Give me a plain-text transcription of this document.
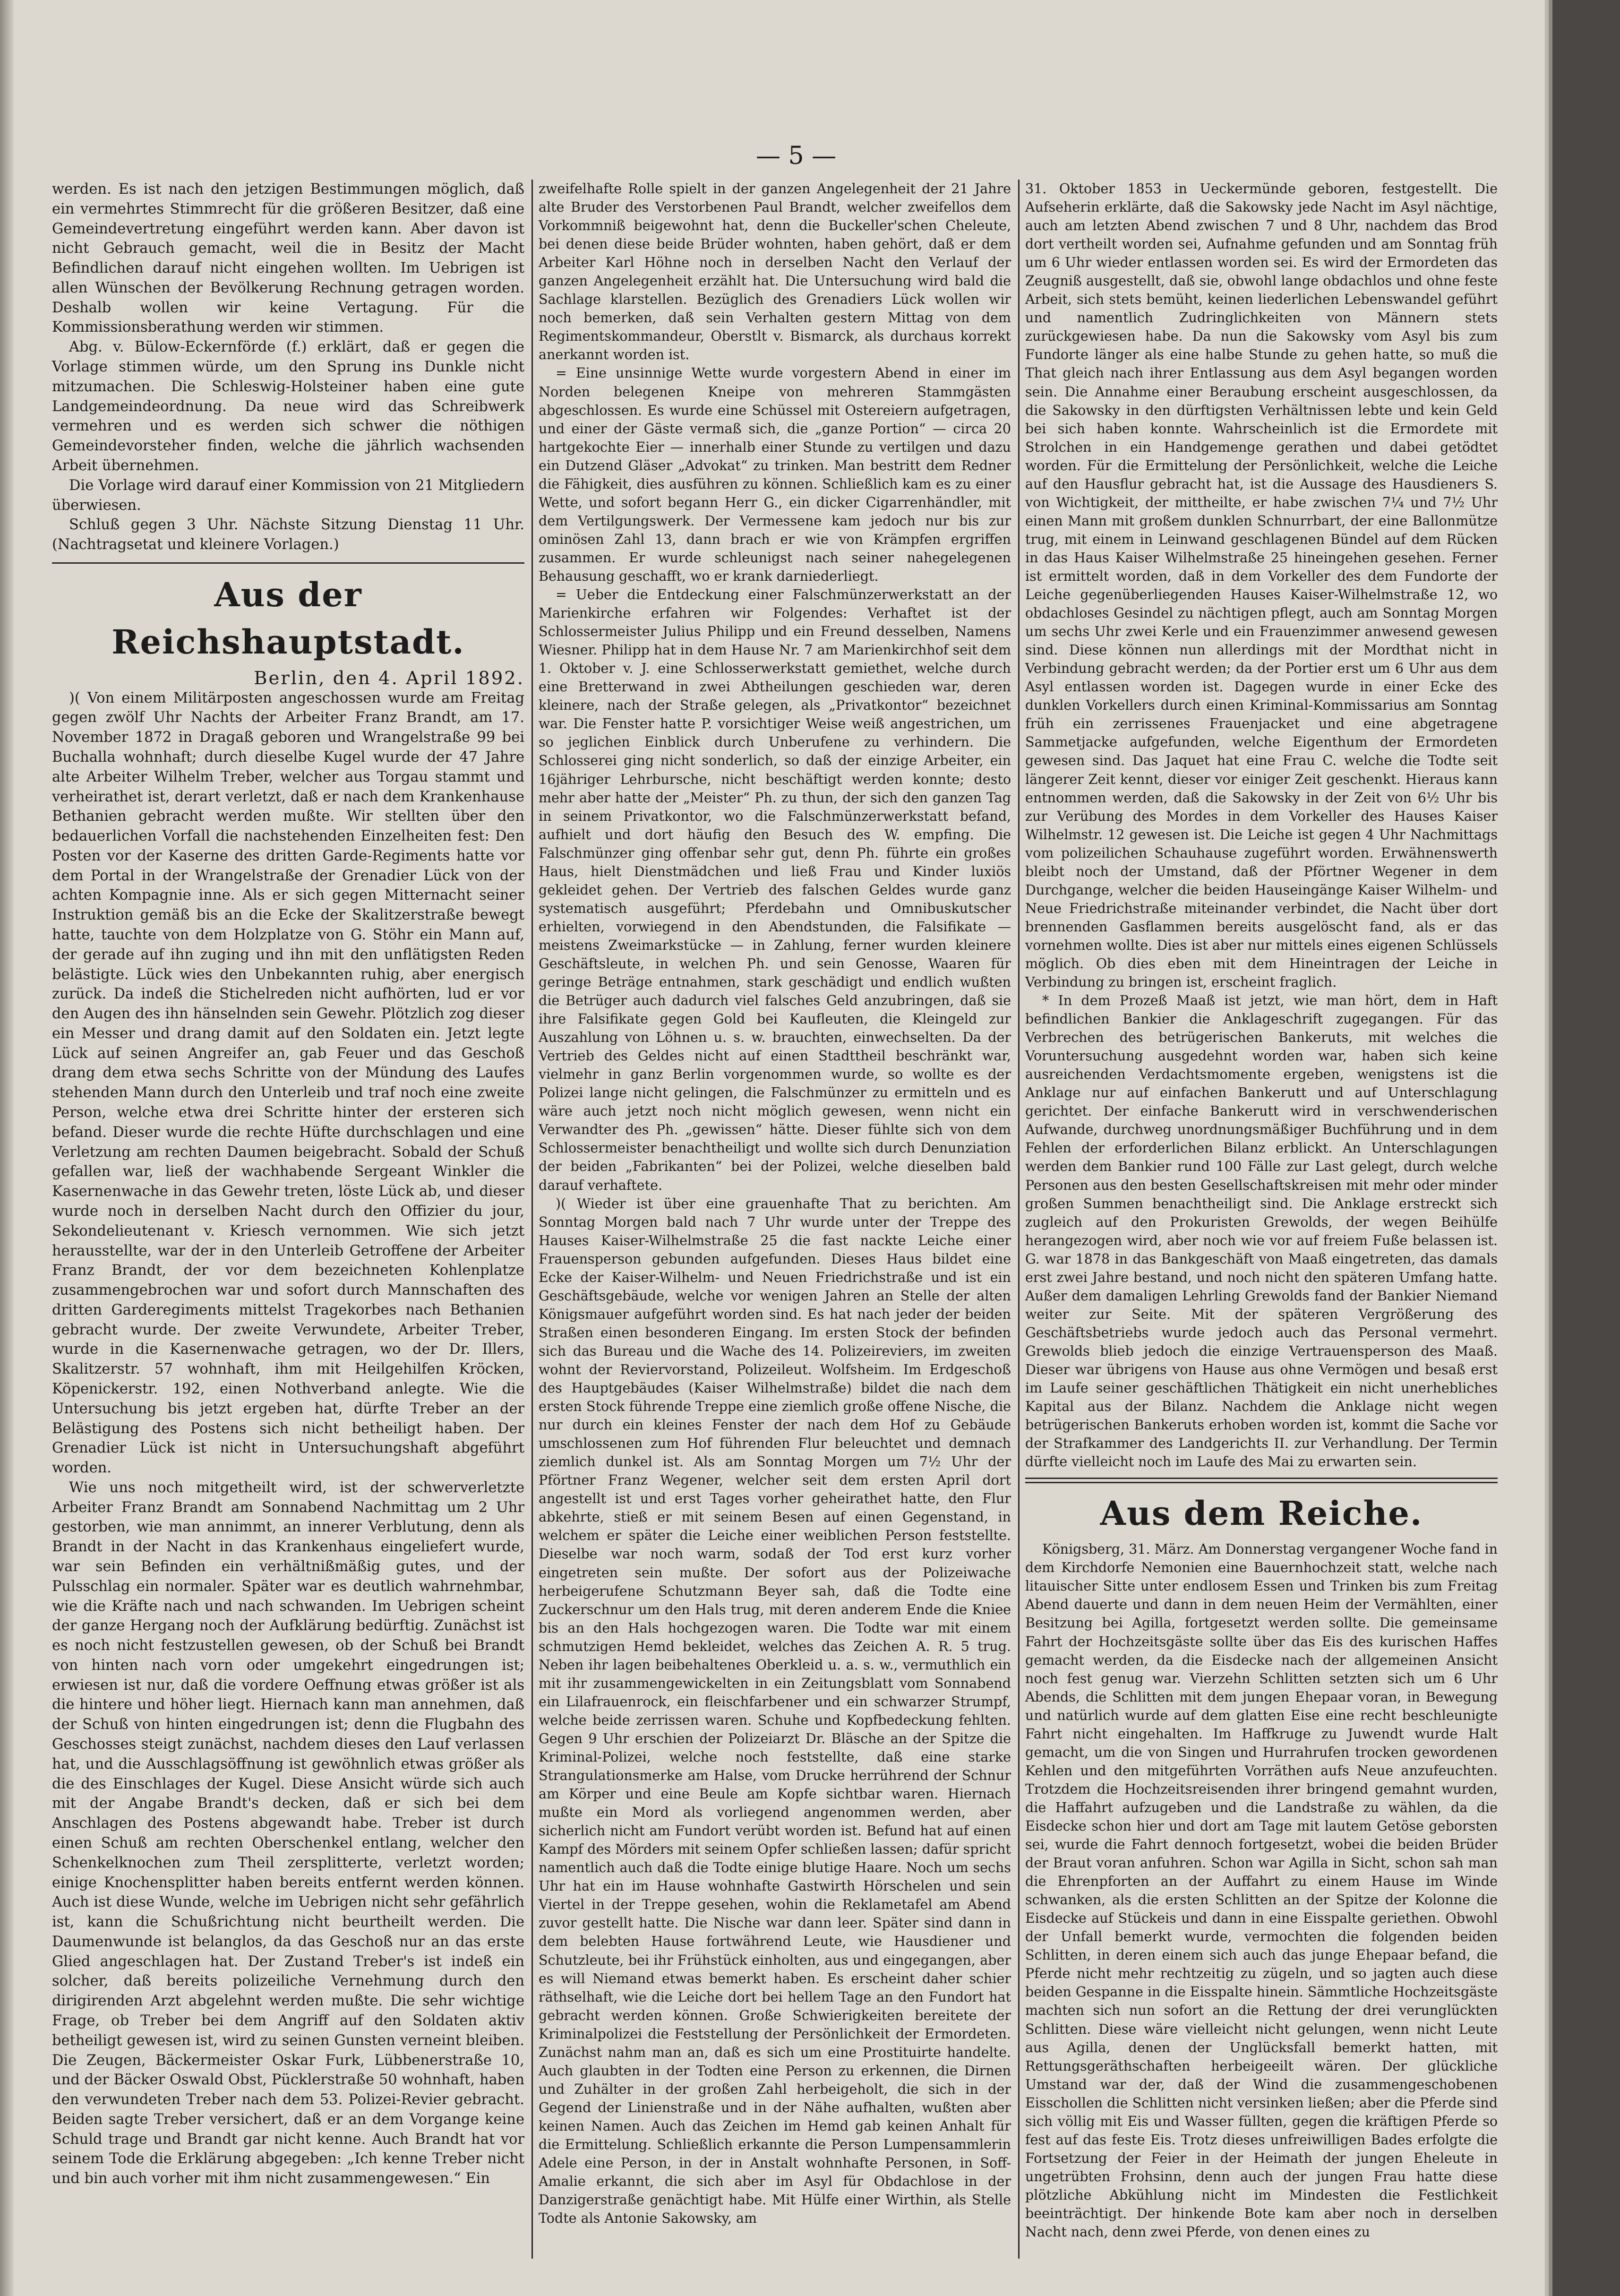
— 5 —

werden. Es ist nach den jetzigen Bestimmungen möglich, daß ein vermehrtes Stimmrecht für die größeren Besitzer, daß eine Gemeindevertretung eingeführt werden kann. Aber davon ist nicht Gebrauch gemacht, weil die in Besitz der Macht Befindlichen darauf nicht eingehen wollten. Im Uebrigen ist allen Wünschen der Bevölkerung Rechnung getragen worden. Deshalb wollen wir keine Vertagung. Für die Kommissionsberathung werden wir stimmen.

Abg. v. Bülow-Eckernförde (f.) erklärt, daß er gegen die Vorlage stimmen würde, um den Sprung ins Dunkle nicht mitzumachen. Die Schleswig-Holsteiner haben eine gute Landgemeindeordnung. Da neue wird das Schreibwerk vermehren und es werden sich schwer die nöthigen Gemeindevorsteher finden, welche die jährlich wachsenden Arbeit übernehmen.

Die Vorlage wird darauf einer Kommission von 21 Mitgliedern überwiesen.

Schluß gegen 3 Uhr. Nächste Sitzung Dienstag 11 Uhr. (Nachtragsetat und kleinere Vorlagen.)

Aus der Reichshauptstadt.
Berlin, den 4. April 1892.

)( Von einem Militärposten angeschossen wurde am Freitag gegen zwölf Uhr Nachts der Arbeiter Franz Brandt, am 17. November 1872 in Dragaß geboren und Wrangelstraße 99 bei Buchalla wohnhaft; durch dieselbe Kugel wurde der 47 Jahre alte Arbeiter Wilhelm Treber, welcher aus Torgau stammt und verheirathet ist, derart verletzt, daß er nach dem Krankenhause Bethanien gebracht werden mußte. Wir stellten über den bedauerlichen Vorfall die nachstehenden Einzelheiten fest: Den Posten vor der Kaserne des dritten Garde-Regiments hatte vor dem Portal in der Wrangelstraße der Grenadier Lück von der achten Kompagnie inne. Als er sich gegen Mitternacht seiner Instruktion gemäß bis an die Ecke der Skalitzerstraße bewegt hatte, tauchte von dem Holzplatze von G. Stöhr ein Mann auf, der gerade auf ihn zuging und ihn mit den unflätigsten Reden belästigte. Lück wies den Unbekannten ruhig, aber energisch zurück. Da indeß die Stichelreden nicht aufhörten, lud er vor den Augen des ihn hänselnden sein Gewehr. Plötzlich zog dieser ein Messer und drang damit auf den Soldaten ein. Jetzt legte Lück auf seinen Angreifer an, gab Feuer und das Geschoß drang dem etwa sechs Schritte von der Mündung des Laufes stehenden Mann durch den Unterleib und traf noch eine zweite Person, welche etwa drei Schritte hinter der ersteren sich befand. Dieser wurde die rechte Hüfte durchschlagen und eine Verletzung am rechten Daumen beigebracht. Sobald der Schuß gefallen war, ließ der wachhabende Sergeant Winkler die Kasernenwache in das Gewehr treten, löste Lück ab, und dieser wurde noch in derselben Nacht durch den Offizier du jour, Sekondelieutenant v. Kriesch vernommen. Wie sich jetzt herausstellte, war der in den Unterleib Getroffene der Arbeiter Franz Brandt, der vor dem bezeichneten Kohlenplatze zusammengebrochen war und sofort durch Mannschaften des dritten Garderegiments mittelst Tragekorbes nach Bethanien gebracht wurde. Der zweite Verwundete, Arbeiter Treber, wurde in die Kasernenwache getragen, wo der Dr. Illers, Skalitzerstr. 57 wohnhaft, ihm mit Heilgehilfen Kröcken, Köpenickerstr. 192, einen Nothverband anlegte. Wie die Untersuchung bis jetzt ergeben hat, dürfte Treber an der Belästigung des Postens sich nicht betheiligt haben. Der Grenadier Lück ist nicht in Untersuchungshaft abgeführt worden.

Wie uns noch mitgetheilt wird, ist der schwerverletzte Arbeiter Franz Brandt am Sonnabend Nachmittag um 2 Uhr gestorben, wie man annimmt, an innerer Verblutung, denn als Brandt in der Nacht in das Krankenhaus eingeliefert wurde, war sein Befinden ein verhältnißmäßig gutes, und der Pulsschlag ein normaler. Später war es deutlich wahrnehmbar, wie die Kräfte nach und nach schwanden. Im Uebrigen scheint der ganze Hergang noch der Aufklärung bedürftig. Zunächst ist es noch nicht festzustellen gewesen, ob der Schuß bei Brandt von hinten nach vorn oder umgekehrt eingedrungen ist; erwiesen ist nur, daß die vordere Oeffnung etwas größer ist als die hintere und höher liegt. Hiernach kann man annehmen, daß der Schuß von hinten eingedrungen ist; denn die Flugbahn des Geschosses steigt zunächst, nachdem dieses den Lauf verlassen hat, und die Ausschlagsöffnung ist gewöhnlich etwas größer als die des Einschlages der Kugel. Diese Ansicht würde sich auch mit der Angabe Brandt's decken, daß er sich bei dem Anschlagen des Postens abgewandt habe. Treber ist durch einen Schuß am rechten Oberschenkel entlang, welcher den Schenkelknochen zum Theil zersplitterte, verletzt worden; einige Knochensplitter haben bereits entfernt werden können. Auch ist diese Wunde, welche im Uebrigen nicht sehr gefährlich ist, kann die Schußrichtung nicht beurtheilt werden. Die Daumenwunde ist belanglos, da das Geschoß nur an das erste Glied angeschlagen hat. Der Zustand Treber's ist indeß ein solcher, daß bereits polizeiliche Vernehmung durch den dirigirenden Arzt abgelehnt werden mußte. Die sehr wichtige Frage, ob Treber bei dem Angriff auf den Soldaten aktiv betheiligt gewesen ist, wird zu seinen Gunsten verneint bleiben. Die Zeugen, Bäckermeister Oskar Furk, Lübbenerstraße 10, und der Bäcker Oswald Obst, Pücklerstraße 50 wohnhaft, haben den verwundeten Treber nach dem 53. Polizei-Revier gebracht. Beiden sagte Treber versichert, daß er an dem Vorgange keine Schuld trage und Brandt gar nicht kenne. Auch Brandt hat vor seinem Tode die Erklärung abgegeben: „Ich kenne Treber nicht und bin auch vorher mit ihm nicht zusammengewesen.“ Ein

zweifelhafte Rolle spielt in der ganzen Angelegenheit der 21 Jahre alte Bruder des Verstorbenen Paul Brandt, welcher zweifellos dem Vorkommniß beigewohnt hat, denn die Buckeller'schen Cheleute, bei denen diese beide Brüder wohnten, haben gehört, daß er dem Arbeiter Karl Höhne noch in derselben Nacht den Verlauf der ganzen Angelegenheit erzählt hat. Die Untersuchung wird bald die Sachlage klarstellen. Bezüglich des Grenadiers Lück wollen wir noch bemerken, daß sein Verhalten gestern Mittag von dem Regimentskommandeur, Oberstlt v. Bismarck, als durchaus korrekt anerkannt worden ist.

= Eine unsinnige Wette wurde vorgestern Abend in einer im Norden belegenen Kneipe von mehreren Stammgästen abgeschlossen. Es wurde eine Schüssel mit Ostereiern aufgetragen, und einer der Gäste vermaß sich, die „ganze Portion“ — circa 20 hartgekochte Eier — innerhalb einer Stunde zu vertilgen und dazu ein Dutzend Gläser „Advokat“ zu trinken. Man bestritt dem Redner die Fähigkeit, dies ausführen zu können. Schließlich kam es zu einer Wette, und sofort begann Herr G., ein dicker Cigarrenhändler, mit dem Vertilgungswerk. Der Vermessene kam jedoch nur bis zur ominösen Zahl 13, dann brach er wie von Krämpfen ergriffen zusammen. Er wurde schleunigst nach seiner nahegelegenen Behausung geschafft, wo er krank darniederliegt.

= Ueber die Entdeckung einer Falschmünzerwerkstatt an der Marienkirche erfahren wir Folgendes: Verhaftet ist der Schlossermeister Julius Philipp und ein Freund desselben, Namens Wiesner. Philipp hat in dem Hause Nr. 7 am Marienkirchhof seit dem 1. Oktober v. J. eine Schlosserwerkstatt gemiethet, welche durch eine Bretterwand in zwei Abtheilungen geschieden war, deren kleinere, nach der Straße gelegen, als „Privatkontor“ bezeichnet war. Die Fenster hatte P. vorsichtiger Weise weiß angestrichen, um so jeglichen Einblick durch Unberufene zu verhindern. Die Schlosserei ging nicht sonderlich, so daß der einzige Arbeiter, ein 16jähriger Lehrbursche, nicht beschäftigt werden konnte; desto mehr aber hatte der „Meister“ Ph. zu thun, der sich den ganzen Tag in seinem Privatkontor, wo die Falschmünzerwerkstatt befand, aufhielt und dort häufig den Besuch des W. empfing. Die Falschmünzer ging offenbar sehr gut, denn Ph. führte ein großes Haus, hielt Dienstmädchen und ließ Frau und Kinder luxiös gekleidet gehen. Der Vertrieb des falschen Geldes wurde ganz systematisch ausgeführt; Pferdebahn und Omnibuskutscher erhielten, vorwiegend in den Abendstunden, die Falsifikate — meistens Zweimarkstücke — in Zahlung, ferner wurden kleinere Geschäftsleute, in welchen Ph. und sein Genosse, Waaren für geringe Beträge entnahmen, stark geschädigt und endlich wußten die Betrüger auch dadurch viel falsches Geld anzubringen, daß sie ihre Falsifikate gegen Gold bei Kaufleuten, die Kleingeld zur Auszahlung von Löhnen u. s. w. brauchten, einwechselten. Da der Vertrieb des Geldes nicht auf einen Stadttheil beschränkt war, vielmehr in ganz Berlin vorgenommen wurde, so wollte es der Polizei lange nicht gelingen, die Falschmünzer zu ermitteln und es wäre auch jetzt noch nicht möglich gewesen, wenn nicht ein Verwandter des Ph. „gewissen“ hätte. Dieser fühlte sich von dem Schlossermeister benachtheiligt und wollte sich durch Denunziation der beiden „Fabrikanten“ bei der Polizei, welche dieselben bald darauf verhaftete.

)( Wieder ist über eine grauenhafte That zu berichten. Am Sonntag Morgen bald nach 7 Uhr wurde unter der Treppe des Hauses Kaiser-Wilhelmstraße 25 die fast nackte Leiche einer Frauensperson gebunden aufgefunden. Dieses Haus bildet eine Ecke der Kaiser-Wilhelm- und Neuen Friedrichstraße und ist ein Geschäftsgebäude, welche vor wenigen Jahren an Stelle der alten Königsmauer aufgeführt worden sind. Es hat nach jeder der beiden Straßen einen besonderen Eingang. Im ersten Stock der befinden sich das Bureau und die Wache des 14. Polizeireviers, im zweiten wohnt der Reviervorstand, Polizeileut. Wolfsheim. Im Erdgeschoß des Hauptgebäudes (Kaiser Wilhelmstraße) bildet die nach dem ersten Stock führende Treppe eine ziemlich große offene Nische, die nur durch ein kleines Fenster der nach dem Hof zu Gebäude umschlossenen zum Hof führenden Flur beleuchtet und demnach ziemlich dunkel ist. Als am Sonntag Morgen um 7½ Uhr der Pförtner Franz Wegener, welcher seit dem ersten April dort angestellt ist und erst Tages vorher geheirathet hatte, den Flur abkehrte, stieß er mit seinem Besen auf einen Gegenstand, in welchem er später die Leiche einer weiblichen Person feststellte. Dieselbe war noch warm, sodaß der Tod erst kurz vorher eingetreten sein mußte. Der sofort aus der Polizeiwache herbeigerufene Schutzmann Beyer sah, daß die Todte eine Zuckerschnur um den Hals trug, mit deren anderem Ende die Kniee bis an den Hals hochgezogen waren. Die Todte war mit einem schmutzigen Hemd bekleidet, welches das Zeichen A. R. 5 trug. Neben ihr lagen beibehaltenes Oberkleid u. a. s. w., vermuthlich ein mit ihr zusammengewickelten in ein Zeitungsblatt vom Sonnabend ein Lilafrauenrock, ein fleischfarbener und ein schwarzer Strumpf, welche beide zerrissen waren. Schuhe und Kopfbedeckung fehlten. Gegen 9 Uhr erschien der Polizeiarzt Dr. Bläsche an der Spitze die Kriminal-Polizei, welche noch feststellte, daß eine starke Strangulationsmerke am Halse, vom Drucke herrührend der Schnur am Körper und eine Beule am Kopfe sichtbar waren. Hiernach mußte ein Mord als vorliegend angenommen werden, aber sicherlich nicht am Fundort verübt worden ist. Befund hat auf einen Kampf des Mörders mit seinem Opfer schließen lassen; dafür spricht namentlich auch daß die Todte einige blutige Haare. Noch um sechs Uhr hat ein im Hause wohnhafte Gastwirth Hörschelen und sein Viertel in der Treppe gesehen, wohin die Reklametafel am Abend zuvor gestellt hatte. Die Nische war dann leer. Später sind dann in dem belebten Hause fortwährend Leute, wie Hausdiener und Schutzleute, bei ihr Frühstück einholten, aus und eingegangen, aber es will Niemand etwas bemerkt haben. Es erscheint daher schier räthselhaft, wie die Leiche dort bei hellem Tage an den Fundort hat gebracht werden können. Große Schwierigkeiten bereitete der Kriminalpolizei die Feststellung der Persönlichkeit der Ermordeten. Zunächst nahm man an, daß es sich um eine Prostituirte handelte. Auch glaubten in der Todten eine Person zu erkennen, die Dirnen und Zuhälter in der großen Zahl herbeigeholt, die sich in der Gegend der Linienstraße und in der Nähe aufhalten, wußten aber keinen Namen. Auch das Zeichen im Hemd gab keinen Anhalt für die Ermittelung. Schließlich erkannte die Person Lumpensammlerin Adele eine Person, in der in Anstalt wohnhafte Personen, in Soff-Amalie erkannt, die sich aber im Asyl für Obdachlose in der Danzigerstraße genächtigt habe. Mit Hülfe einer Wirthin, als Stelle Todte als Antonie Sakowsky, am

31. Oktober 1853 in Ueckermünde geboren, festgestellt. Die Aufseherin erklärte, daß die Sakowsky jede Nacht im Asyl nächtige, auch am letzten Abend zwischen 7 und 8 Uhr, nachdem das Brod dort vertheilt worden sei, Aufnahme gefunden und am Sonntag früh um 6 Uhr wieder entlassen worden sei. Es wird der Ermordeten das Zeugniß ausgestellt, daß sie, obwohl lange obdachlos und ohne feste Arbeit, sich stets bemüht, keinen liederlichen Lebenswandel geführt und namentlich Zudringlichkeiten von Männern stets zurückgewiesen habe. Da nun die Sakowsky vom Asyl bis zum Fundorte länger als eine halbe Stunde zu gehen hatte, so muß die That gleich nach ihrer Entlassung aus dem Asyl begangen worden sein. Die Annahme einer Beraubung erscheint ausgeschlossen, da die Sakowsky in den dürftigsten Verhältnissen lebte und kein Geld bei sich haben konnte. Wahrscheinlich ist die Ermordete mit Strolchen in ein Handgemenge gerathen und dabei getödtet worden. Für die Ermittelung der Persönlichkeit, welche die Leiche auf den Hausflur gebracht hat, ist die Aussage des Hausdieners S. von Wichtigkeit, der mittheilte, er habe zwischen 7¼ und 7½ Uhr einen Mann mit großem dunklen Schnurrbart, der eine Ballonmütze trug, mit einem in Leinwand geschlagenen Bündel auf dem Rücken in das Haus Kaiser Wilhelmstraße 25 hineingehen gesehen. Ferner ist ermittelt worden, daß in dem Vorkeller des dem Fundorte der Leiche gegenüberliegenden Hauses Kaiser-Wilhelmstraße 12, wo obdachloses Gesindel zu nächtigen pflegt, auch am Sonntag Morgen um sechs Uhr zwei Kerle und ein Frauenzimmer anwesend gewesen sind. Diese können nun allerdings mit der Mordthat nicht in Verbindung gebracht werden; da der Portier erst um 6 Uhr aus dem Asyl entlassen worden ist. Dagegen wurde in einer Ecke des dunklen Vorkellers durch einen Kriminal-Kommissarius am Sonntag früh ein zerrissenes Frauenjacket und eine abgetragene Sammetjacke aufgefunden, welche Eigenthum der Ermordeten gewesen sind. Das Jaquet hat eine Frau C. welche die Todte seit längerer Zeit kennt, dieser vor einiger Zeit geschenkt. Hieraus kann entnommen werden, daß die Sakowsky in der Zeit von 6½ Uhr bis zur Verübung des Mordes in dem Vorkeller des Hauses Kaiser Wilhelmstr. 12 gewesen ist. Die Leiche ist gegen 4 Uhr Nachmittags vom polizeilichen Schauhause zugeführt worden. Erwähnenswerth bleibt noch der Umstand, daß der Pförtner Wegener in dem Durchgange, welcher die beiden Hauseingänge Kaiser Wilhelm- und Neue Friedrichstraße miteinander verbindet, die Nacht über dort brennenden Gasflammen bereits ausgelöscht fand, als er das vornehmen wollte. Dies ist aber nur mittels eines eigenen Schlüssels möglich. Ob dies eben mit dem Hineintragen der Leiche in Verbindung zu bringen ist, erscheint fraglich.

* In dem Prozeß Maaß ist jetzt, wie man hört, dem in Haft befindlichen Bankier die Anklageschrift zugegangen. Für das Verbrechen des betrügerischen Bankeruts, mit welches die Voruntersuchung ausgedehnt worden war, haben sich keine ausreichenden Verdachtsmomente ergeben, wenigstens ist die Anklage nur auf einfachen Bankerutt und auf Unterschlagung gerichtet. Der einfache Bankerutt wird in verschwenderischen Aufwande, durchweg unordnungsmäßiger Buchführung und in dem Fehlen der erforderlichen Bilanz erblickt. An Unterschlagungen werden dem Bankier rund 100 Fälle zur Last gelegt, durch welche Personen aus den besten Gesellschaftskreisen mit mehr oder minder großen Summen benachtheiligt sind. Die Anklage erstreckt sich zugleich auf den Prokuristen Grewolds, der wegen Beihülfe herangezogen wird, aber noch wie vor auf freiem Fuße belassen ist. G. war 1878 in das Bankgeschäft von Maaß eingetreten, das damals erst zwei Jahre bestand, und noch nicht den späteren Umfang hatte. Außer dem damaligen Lehrling Grewolds fand der Bankier Niemand weiter zur Seite. Mit der späteren Vergrößerung des Geschäftsbetriebs wurde jedoch auch das Personal vermehrt. Grewolds blieb jedoch die einzige Vertrauensperson des Maaß. Dieser war übrigens von Hause aus ohne Vermögen und besaß erst im Laufe seiner geschäftlichen Thätigkeit ein nicht unerhebliches Kapital aus der Bilanz. Nachdem die Anklage nicht wegen betrügerischen Bankeruts erhoben worden ist, kommt die Sache vor der Strafkammer des Landgerichts II. zur Verhandlung. Der Termin dürfte vielleicht noch im Laufe des Mai zu erwarten sein.

Aus dem Reiche.

Königsberg, 31. März. Am Donnerstag vergangener Woche fand in dem Kirchdorfe Nemonien eine Bauernhochzeit statt, welche nach litauischer Sitte unter endlosem Essen und Trinken bis zum Freitag Abend dauerte und dann in dem neuen Heim der Vermählten, einer Besitzung bei Agilla, fortgesetzt werden sollte. Die gemeinsame Fahrt der Hochzeitsgäste sollte über das Eis des kurischen Haffes gemacht werden, da die Eisdecke nach der allgemeinen Ansicht noch fest genug war. Vierzehn Schlitten setzten sich um 6 Uhr Abends, die Schlitten mit dem jungen Ehepaar voran, in Bewegung und natürlich wurde auf dem glatten Eise eine recht beschleunigte Fahrt nicht eingehalten. Im Haffkruge zu Juwendt wurde Halt gemacht, um die von Singen und Hurrahrufen trocken gewordenen Kehlen und den mitgeführten Vorräthen aufs Neue anzufeuchten. Trotzdem die Hochzeitsreisenden ihrer bringend gemahnt wurden, die Haffahrt aufzugeben und die Landstraße zu wählen, da die Eisdecke schon hier und dort am Tage mit lautem Getöse geborsten sei, wurde die Fahrt dennoch fortgesetzt, wobei die beiden Brüder der Braut voran anfuhren. Schon war Agilla in Sicht, schon sah man die Ehrenpforten an der Auffahrt zu einem Hause im Winde schwanken, als die ersten Schlitten an der Spitze der Kolonne die Eisdecke auf Stückeis und dann in eine Eisspalte geriethen. Obwohl der Unfall bemerkt wurde, vermochten die folgenden beiden Schlitten, in deren einem sich auch das junge Ehepaar befand, die Pferde nicht mehr rechtzeitig zu zügeln, und so jagten auch diese beiden Gespanne in die Eisspalte hinein. Sämmtliche Hochzeitsgäste machten sich nun sofort an die Rettung der drei verunglückten Schlitten. Diese wäre vielleicht nicht gelungen, wenn nicht Leute aus Agilla, denen der Unglücksfall bemerkt hatten, mit Rettungsgeräthschaften herbeigeeilt wären. Der glückliche Umstand war der, daß der Wind die zusammengeschobenen Eisschollen die Schlitten nicht versinken ließen; aber die Pferde sind sich völlig mit Eis und Wasser füllten, gegen die kräftigen Pferde so fest auf das feste Eis. Trotz dieses unfreiwilligen Bades erfolgte die Fortsetzung der Feier in der Heimath der jungen Eheleute in ungetrübten Frohsinn, denn auch der jungen Frau hatte diese plötzliche Abkühlung nicht im Mindesten die Festlichkeit beeinträchtigt. Der hinkende Bote kam aber noch in derselben Nacht nach, denn zwei Pferde, von denen eines zu
